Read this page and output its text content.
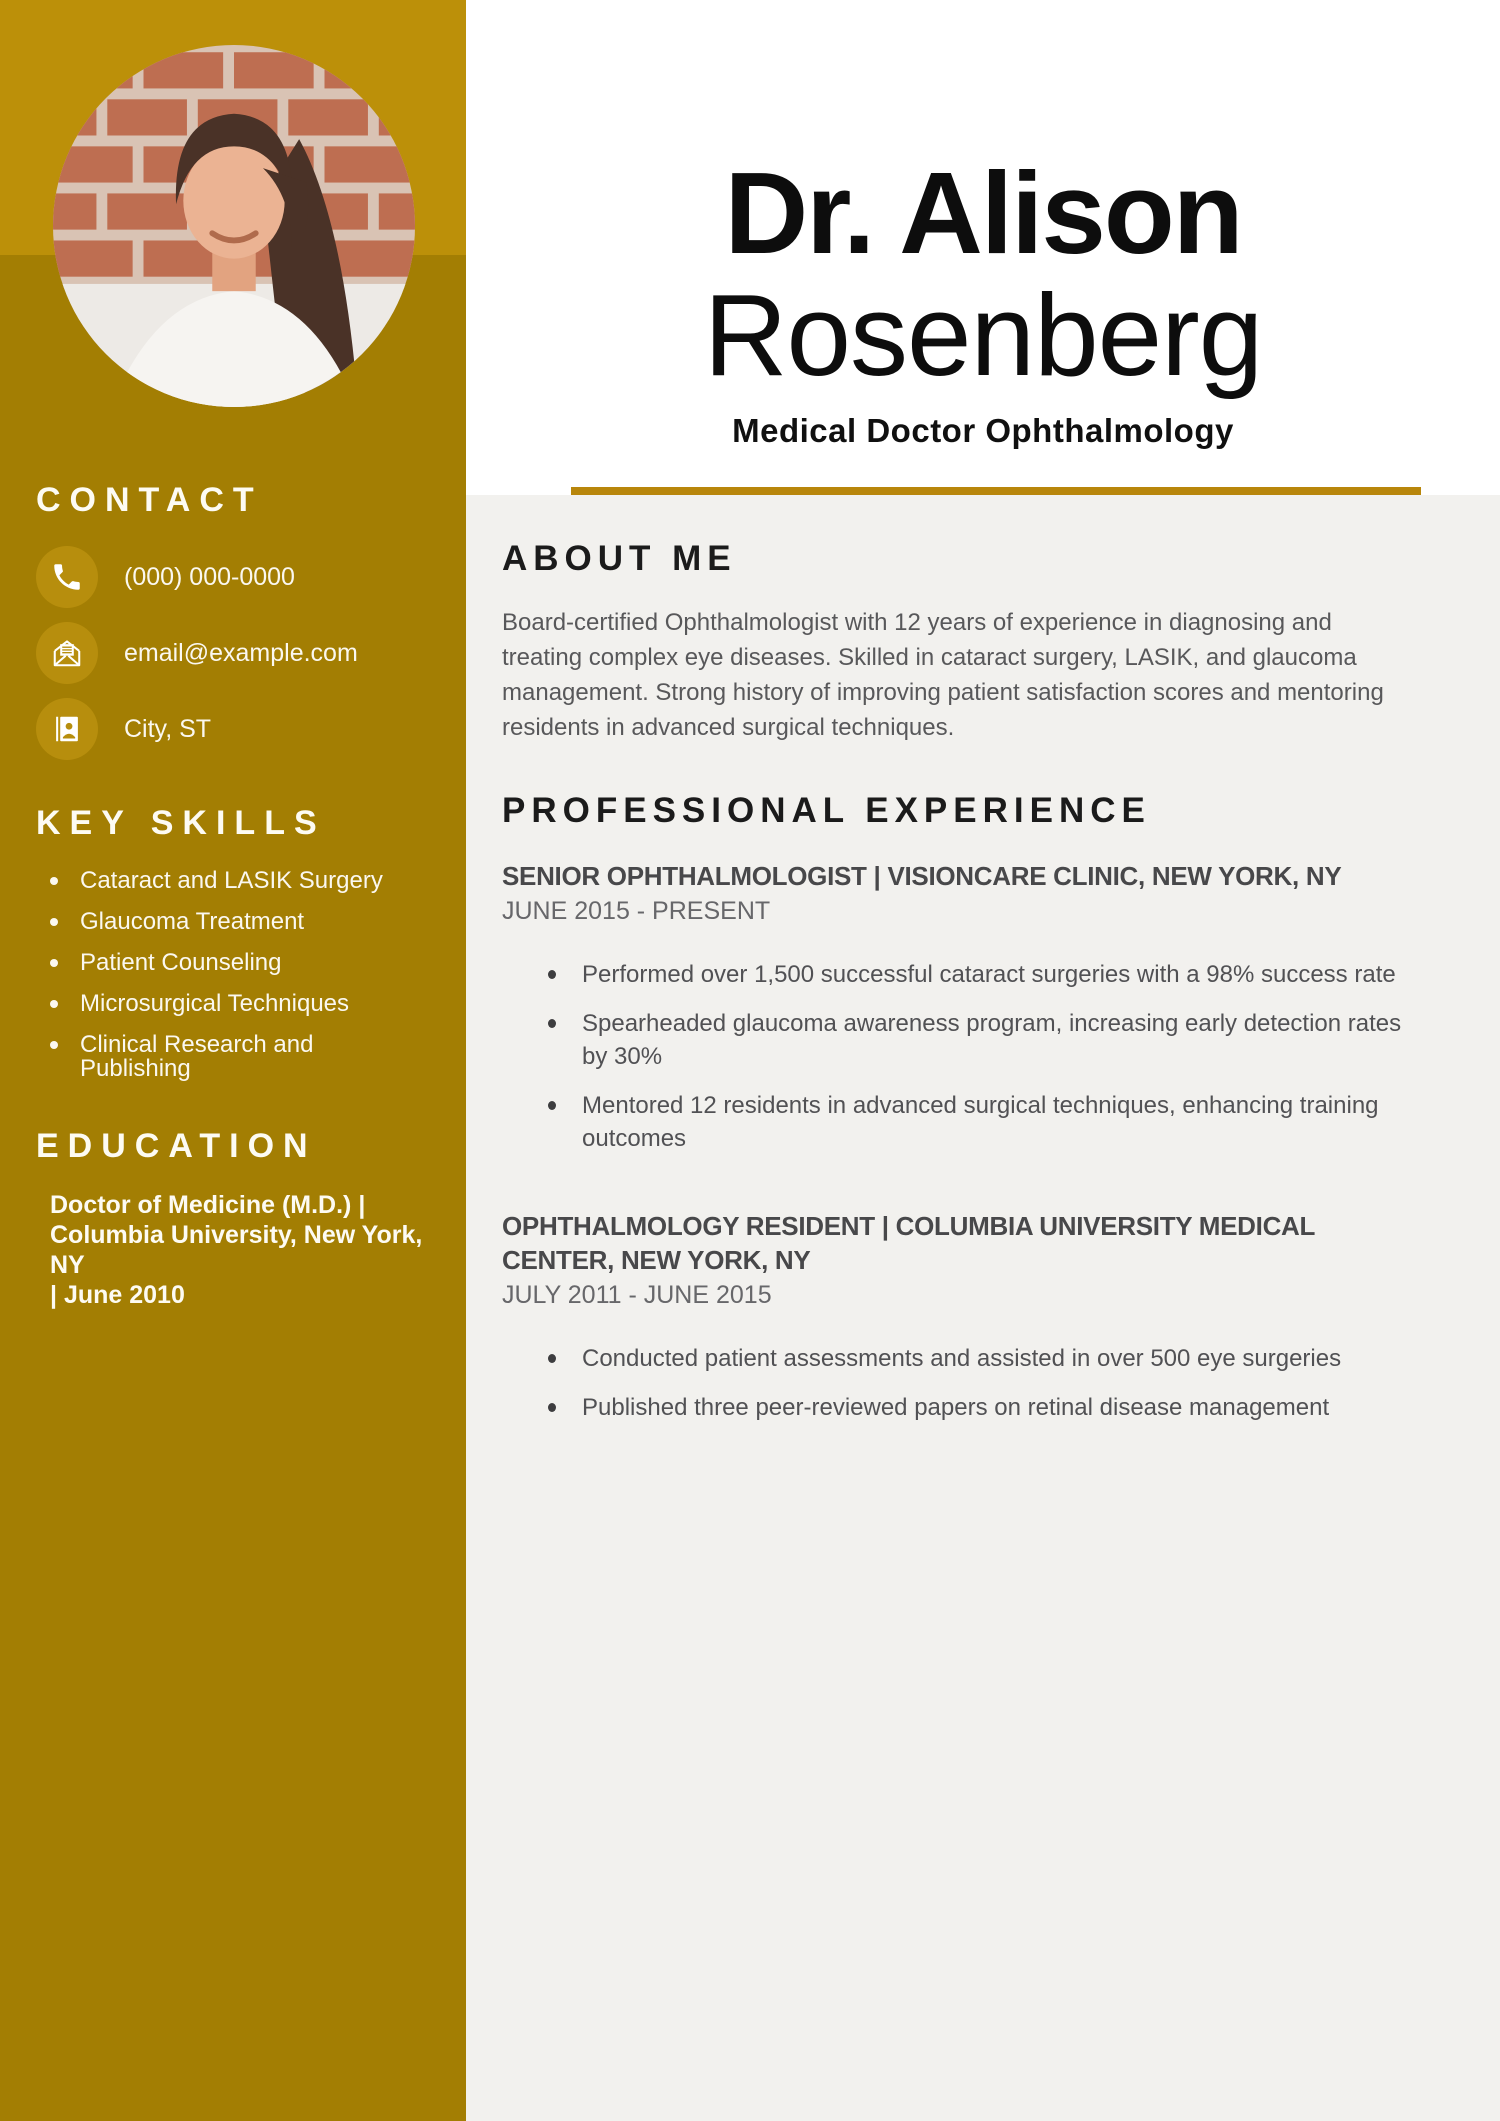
CONTACT
(000) 000-0000
email@example.com
City, ST
KEY SKILLS
Cataract and LASIK Surgery
Glaucoma Treatment
Patient Counseling
Microsurgical Techniques
Clinical Research and Publishing
EDUCATION
Doctor of Medicine (M.D.) |
Columbia University, New York, NY
| June 2010
Dr. Alison
Rosenberg
Medical Doctor Ophthalmology
ABOUT ME

Board-certified Ophthalmologist with 12 years of experience in diagnosing and treating complex eye diseases. Skilled in cataract surgery, LASIK, and glaucoma management. Strong history of improving patient satisfaction scores and mentoring residents in advanced surgical techniques.

PROFESSIONAL EXPERIENCE
SENIOR OPHTHALMOLOGIST | VISIONCARE CLINIC, NEW YORK, NY
JUNE 2015 - PRESENT
Performed over 1,500 successful cataract surgeries with a 98% success rate
Spearheaded glaucoma awareness program, increasing early detection rates by 30%
Mentored 12 residents in advanced surgical techniques, enhancing training outcomes
OPHTHALMOLOGY RESIDENT | COLUMBIA UNIVERSITY MEDICAL CENTER, NEW YORK, NY
JULY 2011 - JUNE 2015
Conducted patient assessments and assisted in over 500 eye surgeries
Published three peer-reviewed papers on retinal disease management
